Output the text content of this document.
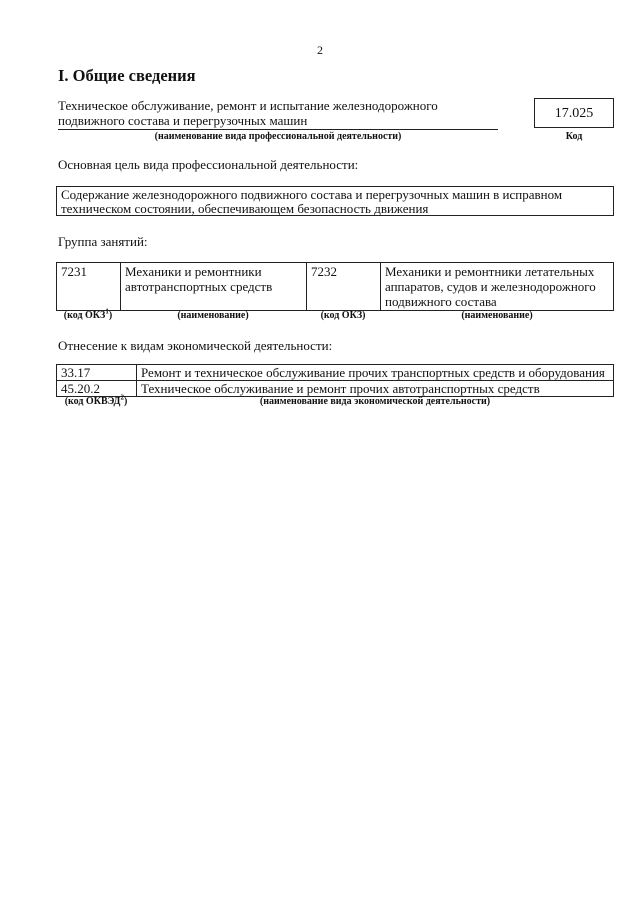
2
I. Общие сведения
Техническое обслуживание, ремонт и испытание железнодорожного подвижного состава и перегрузочных машин
(наименование вида профессиональной деятельности)
17.025
Код
Основная цель вида профессиональной деятельности:
Содержание железнодорожного подвижного состава и перегрузочных машин в исправном техническом состоянии, обеспечивающем безопасность движения
Группа занятий:
7231	Механики и ремонтники автотранспортных средств	7232	Механики и ремонтники летательных аппаратов, судов и железнодорожного подвижного состава
(код ОКЗ$^1$)	(наименование)	(код ОКЗ)	(наименование)
Отнесение к видам экономической деятельности:
33.17	Ремонт и техническое обслуживание прочих транспортных средств и оборудования
45.20.2	Техническое обслуживание и ремонт прочих автотранспортных средств
(код ОКВЭД$^2$)	(наименование вида экономической деятельности)
